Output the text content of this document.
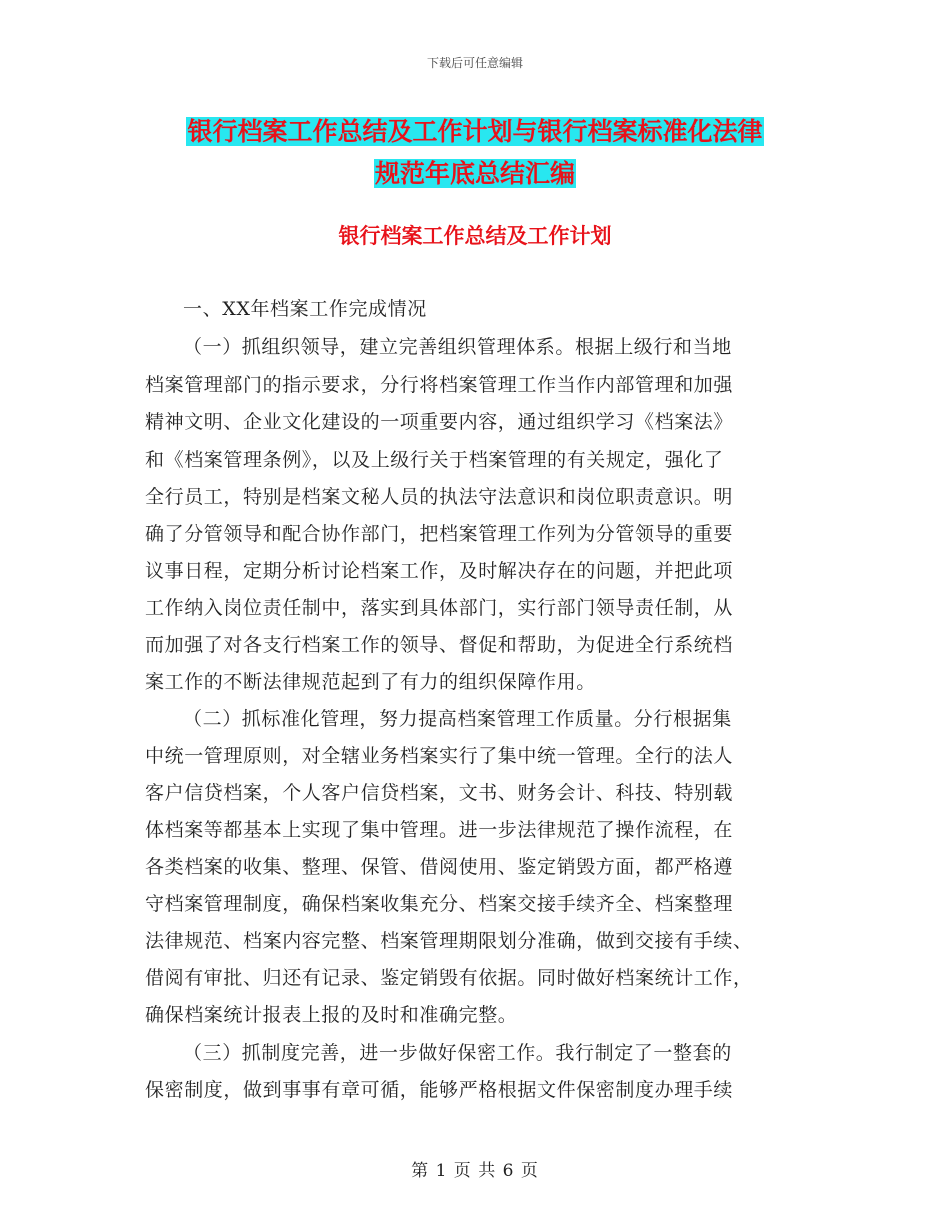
下载后可任意编辑
银行档案工作总结及工作计划与银行档案标准化法律
规范年底总结汇编
银行档案工作总结及工作计划
一、XX年档案工作完成情况
（一）抓组织领导，建立完善组织管理体系。根据上级行和当地
档案管理部门的指示要求，分行将档案管理工作当作内部管理和加强
精神文明、企业文化建设的一项重要内容，通过组织学习《档案法》
和《档案管理条例》，以及上级行关于档案管理的有关规定，强化了
全行员工，特别是档案文秘人员的执法守法意识和岗位职责意识。明
确了分管领导和配合协作部门，把档案管理工作列为分管领导的重要
议事日程，定期分析讨论档案工作，及时解决存在的问题，并把此项
工作纳入岗位责任制中，落实到具体部门，实行部门领导责任制，从
而加强了对各支行档案工作的领导、督促和帮助，为促进全行系统档
案工作的不断法律规范起到了有力的组织保障作用。
（二）抓标准化管理，努力提高档案管理工作质量。分行根据集
中统一管理原则，对全辖业务档案实行了集中统一管理。全行的法人
客户信贷档案，个人客户信贷档案，文书、财务会计、科技、特别载
体档案等都基本上实现了集中管理。进一步法律规范了操作流程，在
各类档案的收集、整理、保管、借阅使用、鉴定销毁方面，都严格遵
守档案管理制度，确保档案收集充分、档案交接手续齐全、档案整理
法律规范、档案内容完整、档案管理期限划分准确，做到交接有手续、
借阅有审批、归还有记录、鉴定销毁有依据。同时做好档案统计工作，
确保档案统计报表上报的及时和准确完整。
（三）抓制度完善，进一步做好保密工作。我行制定了一整套的
保密制度，做到事事有章可循，能够严格根据文件保密制度办理手续
第 1 页 共 6 页
